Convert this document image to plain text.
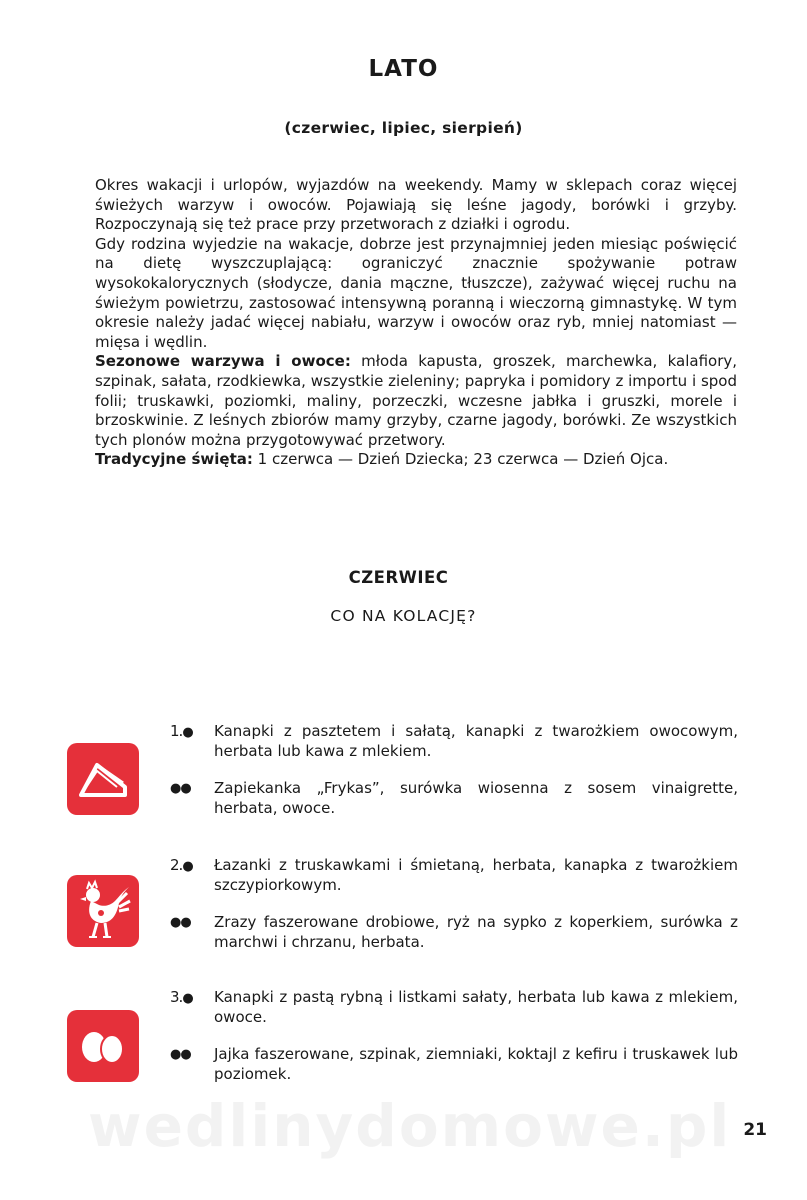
wedlinydomowe.pl
LATO
(czerwiec, lipiec, sierpień)

Okres wakacji i urlopów, wyjazdów na weekendy. Mamy w sklepach coraz więcej świeżych warzyw i owoców. Pojawiają się leśne jagody, borówki i grzyby. Rozpoczynają się też prace przy przetworach z działki i ogrodu.

Gdy rodzina wyjedzie na wakacje, dobrze jest przynajmniej jeden miesiąc poświęcić na dietę wyszczuplającą: ograniczyć znacznie spożywanie potraw wysokokalorycznych (słodycze, dania mączne, tłuszcze), zażywać więcej ruchu na świeżym powietrzu, zastosować intensywną poranną i wieczorną gimnastykę. W tym okresie należy jadać więcej nabiału, warzyw i owoców oraz ryb, mniej natomiast — mięsa i wędlin.

Sezonowe warzywa i owoce: młoda kapusta, groszek, marchewka, kalafiory, szpinak, sałata, rzodkiewka, wszystkie zieleniny; papryka i pomidory z importu i spod folii; truskawki, poziomki, maliny, porzeczki, wczesne jabłka i gruszki, morele i brzoskwinie. Z leśnych zbiorów mamy grzyby, czarne jagody, borówki. Ze wszystkich tych plonów można przygotowywać przetwory.

Tradycyjne święta: 1 czerwca — Dzień Dziecka; 23 czerwca — Dzień Ojca.

CZERWIEC
CO NA KOLACJĘ?
1.● Kanapki z pasztetem i sałatą, kanapki z twarożkiem owocowym, herbata lub kawa z mlekiem.
●● Zapiekanka „Frykas”, surówka wiosenna z sosem vinaigrette, herbata, owoce.
2.● Łazanki z truskawkami i śmietaną, herbata, kanapka z twarożkiem szczypiorkowym.
●● Zrazy faszerowane drobiowe, ryż na sypko z koperkiem, surówka z marchwi i chrzanu, herbata.
3.● Kanapki z pastą rybną i listkami sałaty, herbata lub kawa z mlekiem, owoce.
●● Jajka faszerowane, szpinak, ziemniaki, koktajl z kefiru i truskawek lub poziomek.
21
